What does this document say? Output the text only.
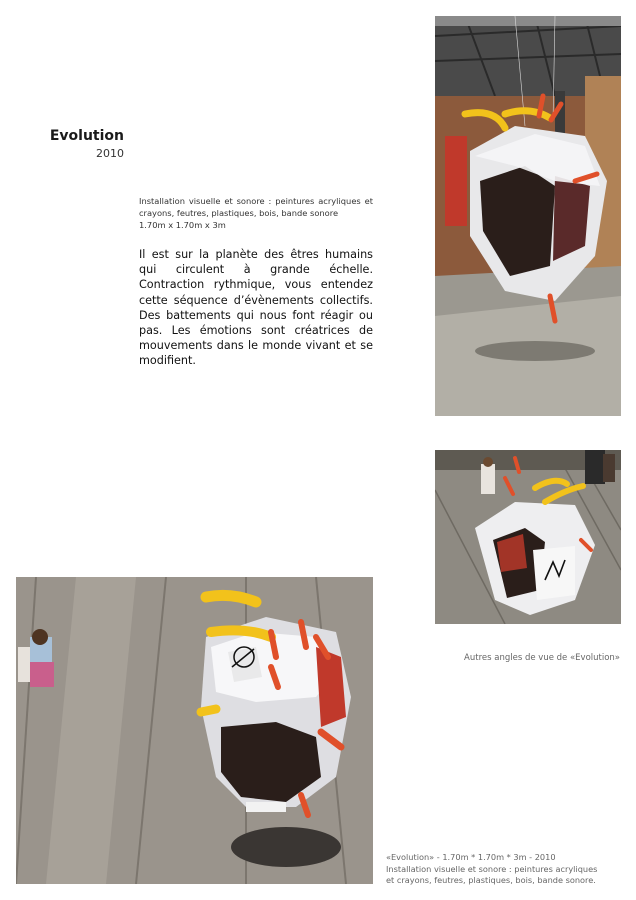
Evolution
2010
Installation visuelle et sonore : peintures acryliques et crayons, feutres, plastiques, bois, bande sonore
1.70m x 1.70m x 3m
Il est sur la planète des êtres humains qui circulent à grande échelle. Contraction rythmique, vous entendez cette séquence d’évènements collectifs. Des battements qui nous font réagir ou pas. Les émotions sont créatrices de mouvements dans le monde vivant et se modifient.
Autres angles de vue de «Evolution»
«Evolution» - 1.70m * 1.70m * 3m - 2010
Installation visuelle et sonore : peintures acryliques
et crayons, feutres, plastiques, bois, bande sonore.
